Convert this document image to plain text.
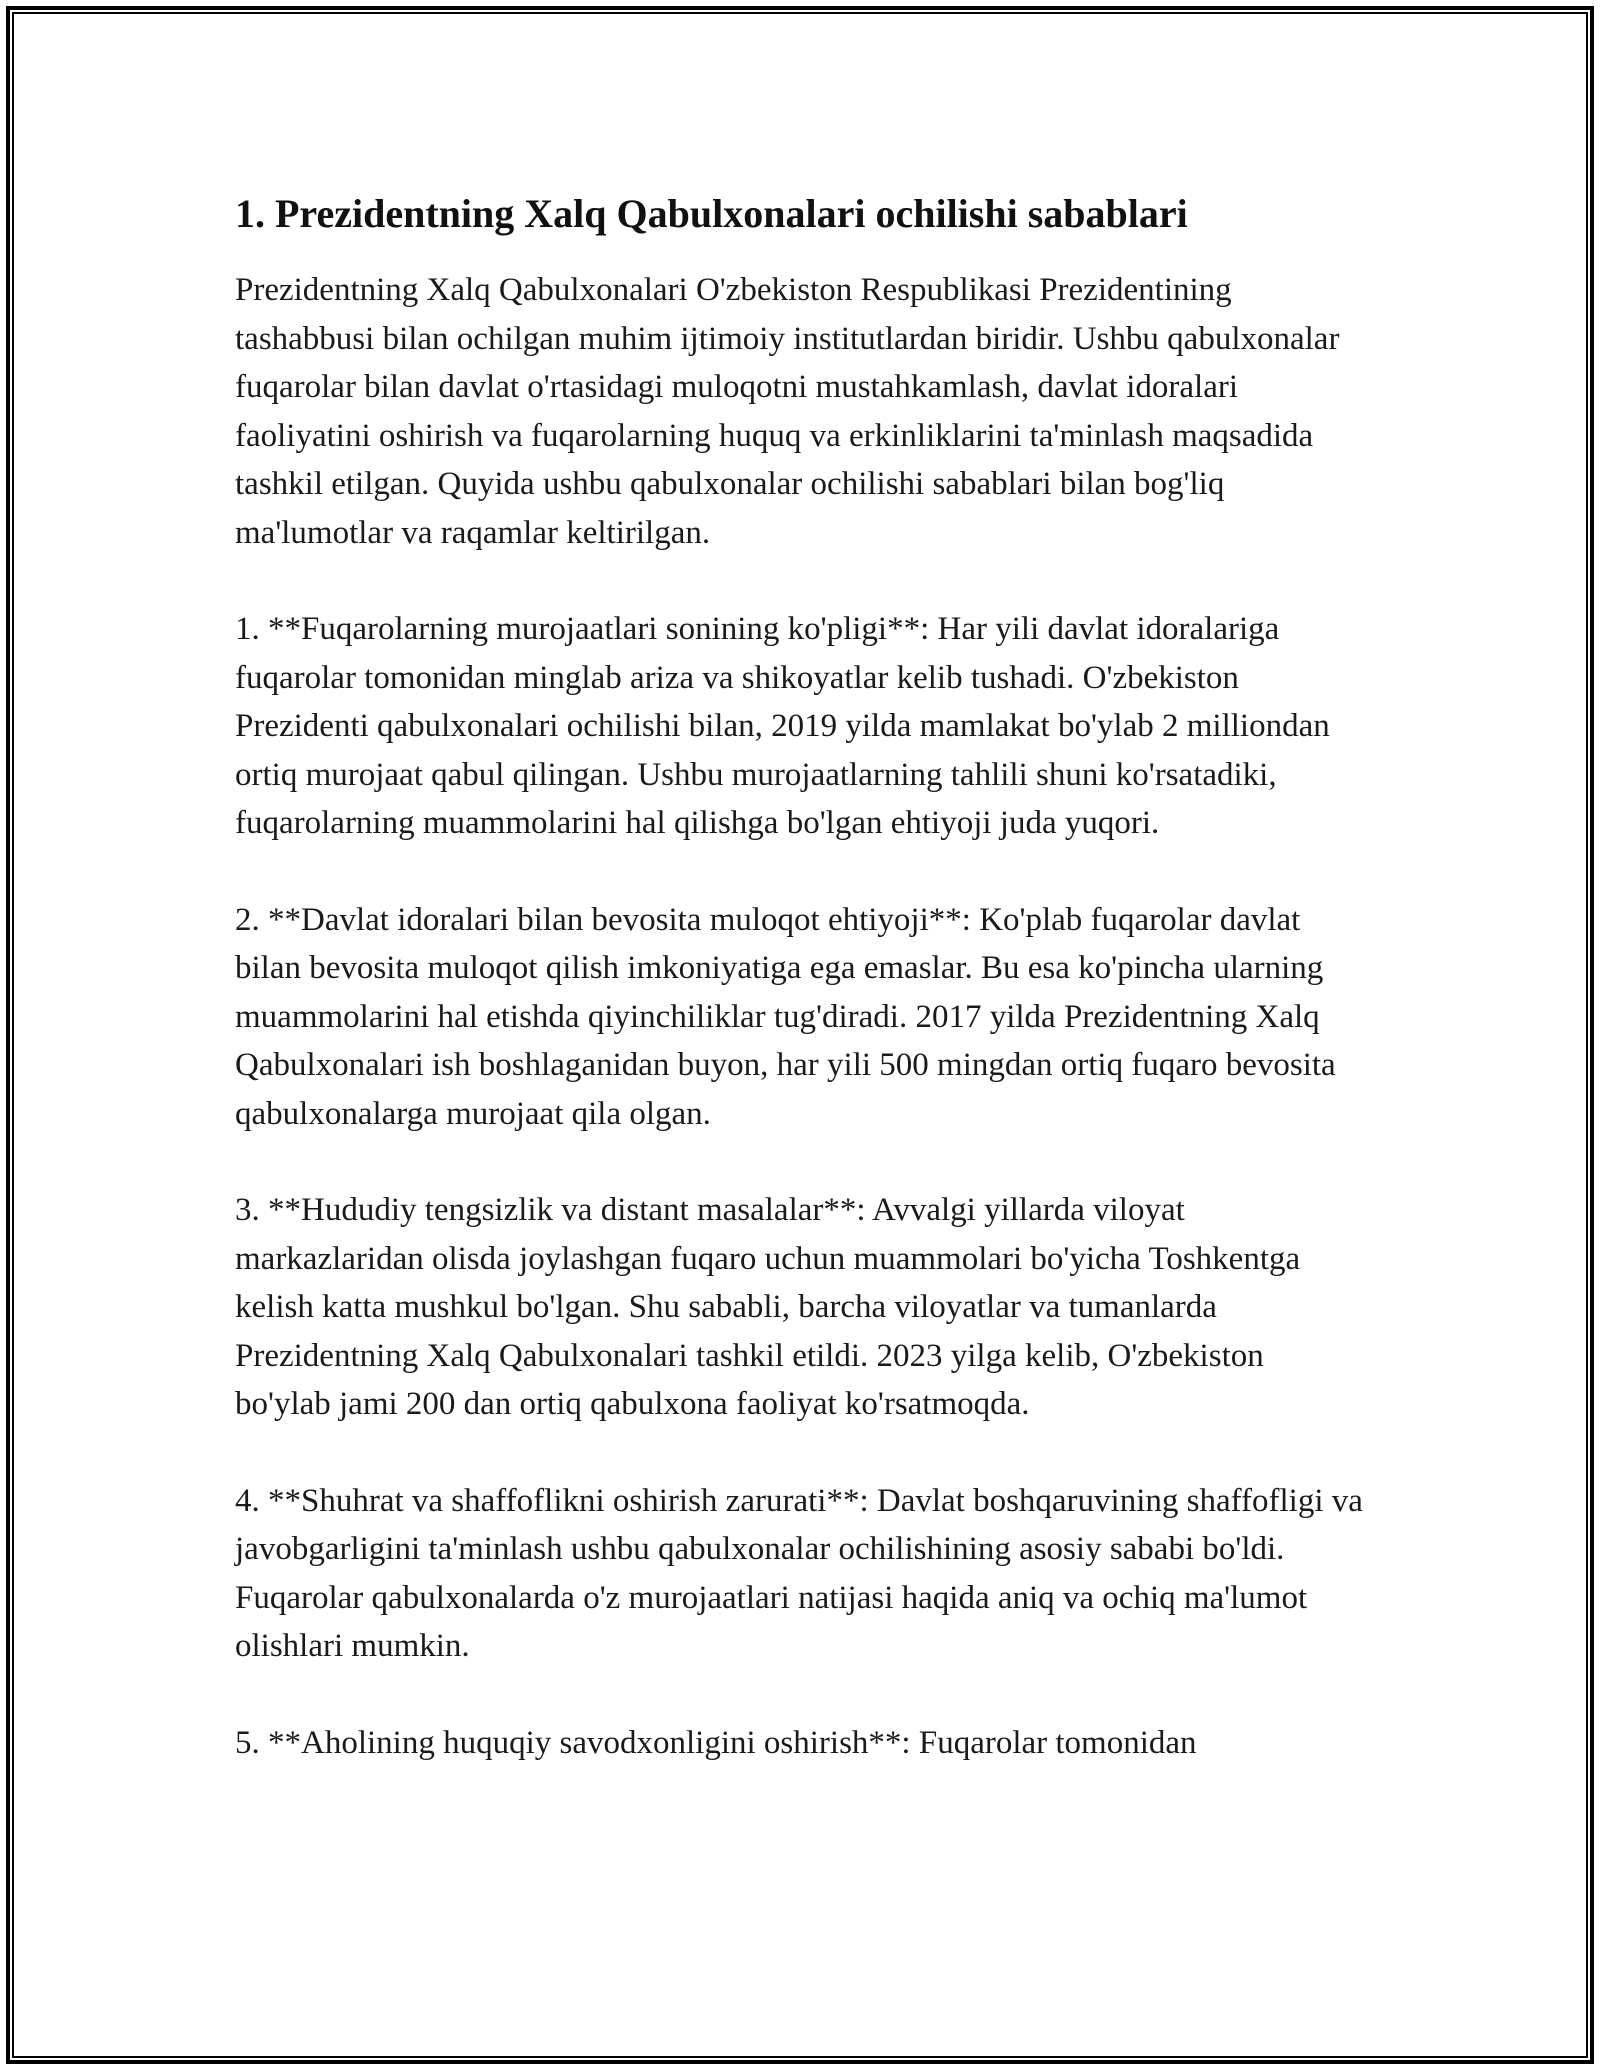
1. Prezidentning Xalq Qabulxonalari ochilishi sabablari

Prezidentning Xalq Qabulxonalari O'zbekiston Respublikasi Prezidentining tashabbusi bilan ochilgan muhim ijtimoiy institutlardan biridir. Ushbu qabulxonalar fuqarolar bilan davlat o'rtasidagi muloqotni mustahkamlash, davlat idoralari faoliyatini oshirish va fuqarolarning huquq va erkinliklarini ta'minlash maqsadida tashkil etilgan. Quyida ushbu qabulxonalar ochilishi sabablari bilan bog'liq ma'lumotlar va raqamlar keltirilgan.

1. **Fuqarolarning murojaatlari sonining ko'pligi**: Har yili davlat idoralariga fuqarolar tomonidan minglab ariza va shikoyatlar kelib tushadi. O'zbekiston Prezidenti qabulxonalari ochilishi bilan, 2019 yilda mamlakat bo'ylab 2 milliondan ortiq murojaat qabul qilingan. Ushbu murojaatlarning tahlili shuni ko'rsatadiki, fuqarolarning muammolarini hal qilishga bo'lgan ehtiyoji juda yuqori.

2. **Davlat idoralari bilan bevosita muloqot ehtiyoji**: Ko'plab fuqarolar davlat bilan bevosita muloqot qilish imkoniyatiga ega emaslar. Bu esa ko'pincha ularning muammolarini hal etishda qiyinchiliklar tug'diradi. 2017 yilda Prezidentning Xalq Qabulxonalari ish boshlaganidan buyon, har yili 500 mingdan ortiq fuqaro bevosita qabulxonalarga murojaat qila olgan.

3. **Hududiy tengsizlik va distant masalalar**: Avvalgi yillarda viloyat markazlaridan olisda joylashgan fuqaro uchun muammolari bo'yicha Toshkentga kelish katta mushkul bo'lgan. Shu sababli, barcha viloyatlar va tumanlarda Prezidentning Xalq Qabulxonalari tashkil etildi. 2023 yilga kelib, O'zbekiston bo'ylab jami 200 dan ortiq qabulxona faoliyat ko'rsatmoqda.

4. **Shuhrat va shaffoflikni oshirish zarurati**: Davlat boshqaruvining shaffofligi va javobgarligini ta'minlash ushbu qabulxonalar ochilishining asosiy sababi bo'ldi. Fuqarolar qabulxonalarda o'z murojaatlari natijasi haqida aniq va ochiq ma'lumot olishlari mumkin.

5. **Aholining huquqiy savodxonligini oshirish**: Fuqarolar tomonidan
